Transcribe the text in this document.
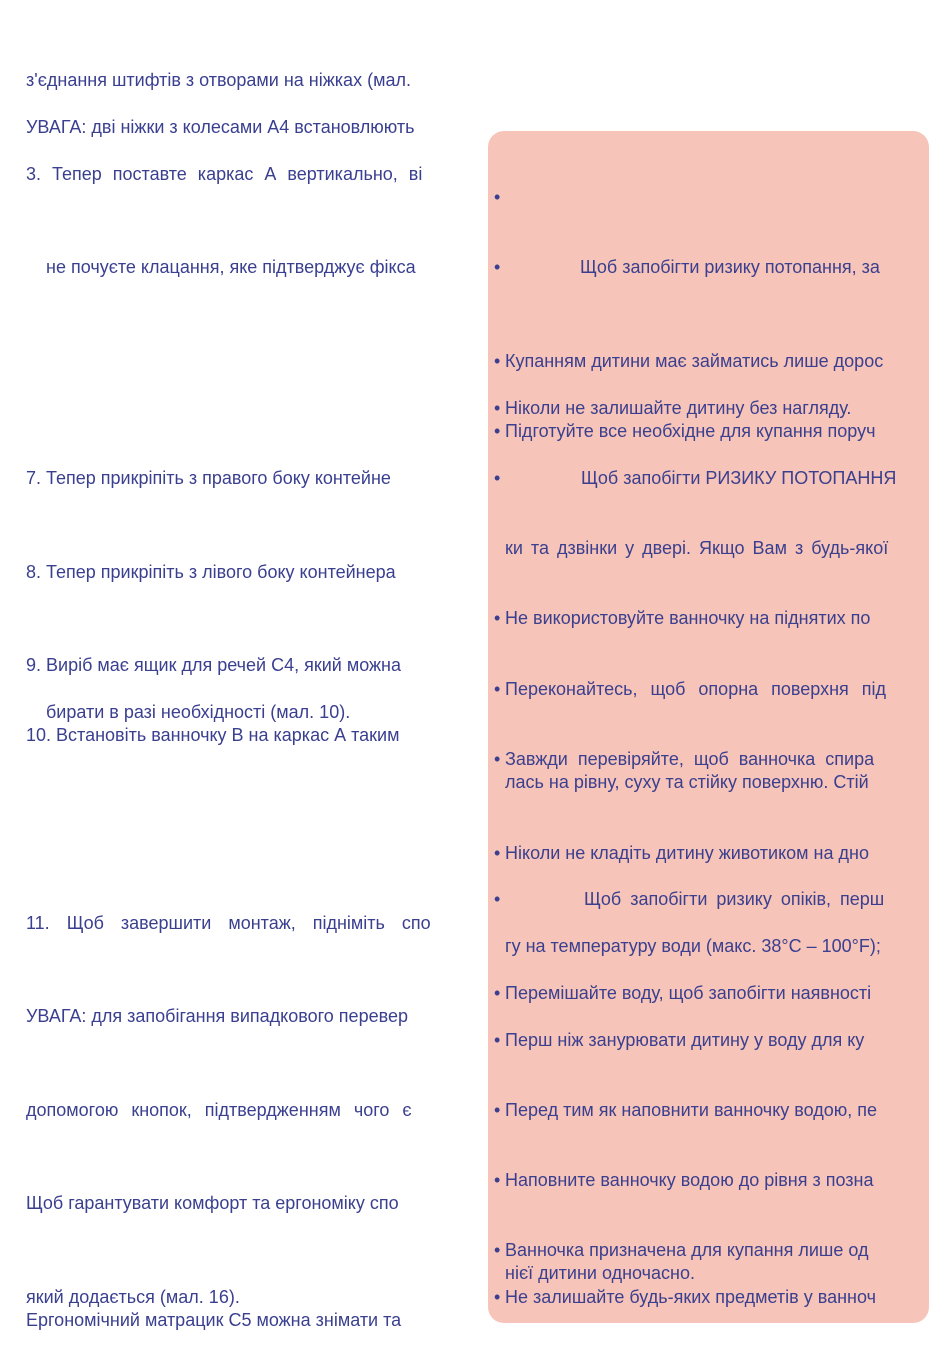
з'єднання штифтів з отворами на ніжках (мал.
УВАГА: дві ніжки з колесами А4 встановлюють
3. Тепер поставте каркас А вертикально, ві
не почуєте клацання, яке підтверджує фікса
7. Тепер прикріпіть з правого боку контейне
8. Тепер прикріпіть з лівого боку контейнера
9. Виріб має ящик для речей С4, який можна
бирати в разі необхідності (мал. 10).
10. Встановіть ванночку В на каркас А таким
11. Щоб завершити монтаж, підніміть спо
УВАГА: для запобігання випадкового перевер
допомогою кнопок, підтвердженням чого є
Щоб гарантувати комфорт та ергономіку спо
який додається (мал. 16).
Ергономічний матрацик С5 можна знімати та
•
•	Щоб запобігти ризику потопання, за
• Купанням дитини має займатись лише дорос
• Ніколи не залишайте дитину без нагляду.
• Підготуйте все необхідне для купання поруч
•	Щоб запобігти РИЗИКУ ПОТОПАННЯ
ки та дзвінки у двері. Якщо Вам з будь-якої
• Не використовуйте ванночку на піднятих по
• Переконайтесь, щоб опорна поверхня під
• Завжди перевіряйте, щоб ванночка спира
лась на рівну, суху та стійку поверхню. Стій
• Ніколи не кладіть дитину животиком на дно
•	Щоб запобігти ризику опіків, перш
гу на температуру води (макс. 38°C – 100°F);
• Перемішайте воду, щоб запобігти наявності
• Перш ніж занурювати дитину у воду для ку
• Перед тим як наповнити ванночку водою, пе
• Наповните ванночку водою до рівня з позна
• Ванночка призначена для купання лише од
нієї дитини одночасно.
• Не залишайте будь-яких предметів у ванноч
